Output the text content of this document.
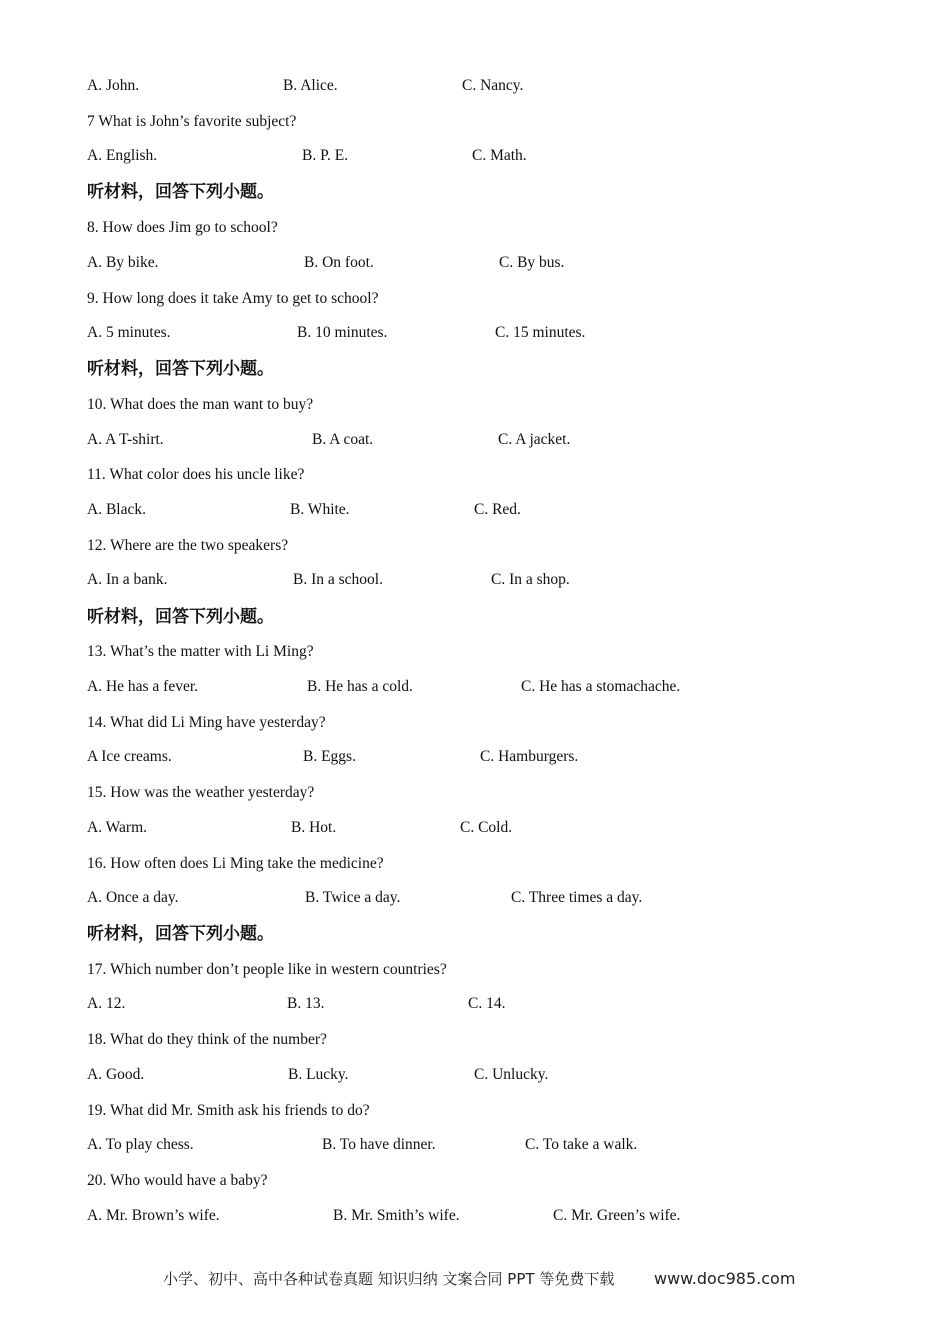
A. John.	B. Alice.	C. Nancy.
7 What is John’s favorite subject?
A. English.	B. P. E.	C. Math.
听材料，回答下列小题。
8. How does Jim go to school?
A. By bike.	B. On foot.	C. By bus.
9. How long does it take Amy to get to school?
A. 5 minutes.	B. 10 minutes.	C. 15 minutes.
听材料，回答下列小题。
10. What does the man want to buy?
A. A T-shirt.	B. A coat.	C. A jacket.
11. What color does his uncle like?
A. Black.	B. White.	C. Red.
12. Where are the two speakers?
A. In a bank.	B. In a school.	C. In a shop.
听材料，回答下列小题。
13. What’s the matter with Li Ming?
A. He has a fever.	B. He has a cold.	C. He has a stomachache.
14. What did Li Ming have yesterday?
A Ice creams.	B. Eggs.	C. Hamburgers.
15. How was the weather yesterday?
A. Warm.	B. Hot.	C. Cold.
16. How often does Li Ming take the medicine?
A. Once a day.	B. Twice a day.	C. Three times a day.
听材料，回答下列小题。
17. Which number don’t people like in western countries?
A. 12.	B. 13.	C. 14.
18. What do they think of the number?
A. Good.	B. Lucky.	C. Unlucky.
19. What did Mr. Smith ask his friends to do?
A. To play chess.	B. To have dinner.	C. To take a walk.
20. Who would have a baby?
A. Mr. Brown’s wife.	B. Mr. Smith’s wife.	C. Mr. Green’s wife.
小学、初中、高中各种试卷真题 知识归纳 文案合同 PPT 等免费下载 www.doc985.com
